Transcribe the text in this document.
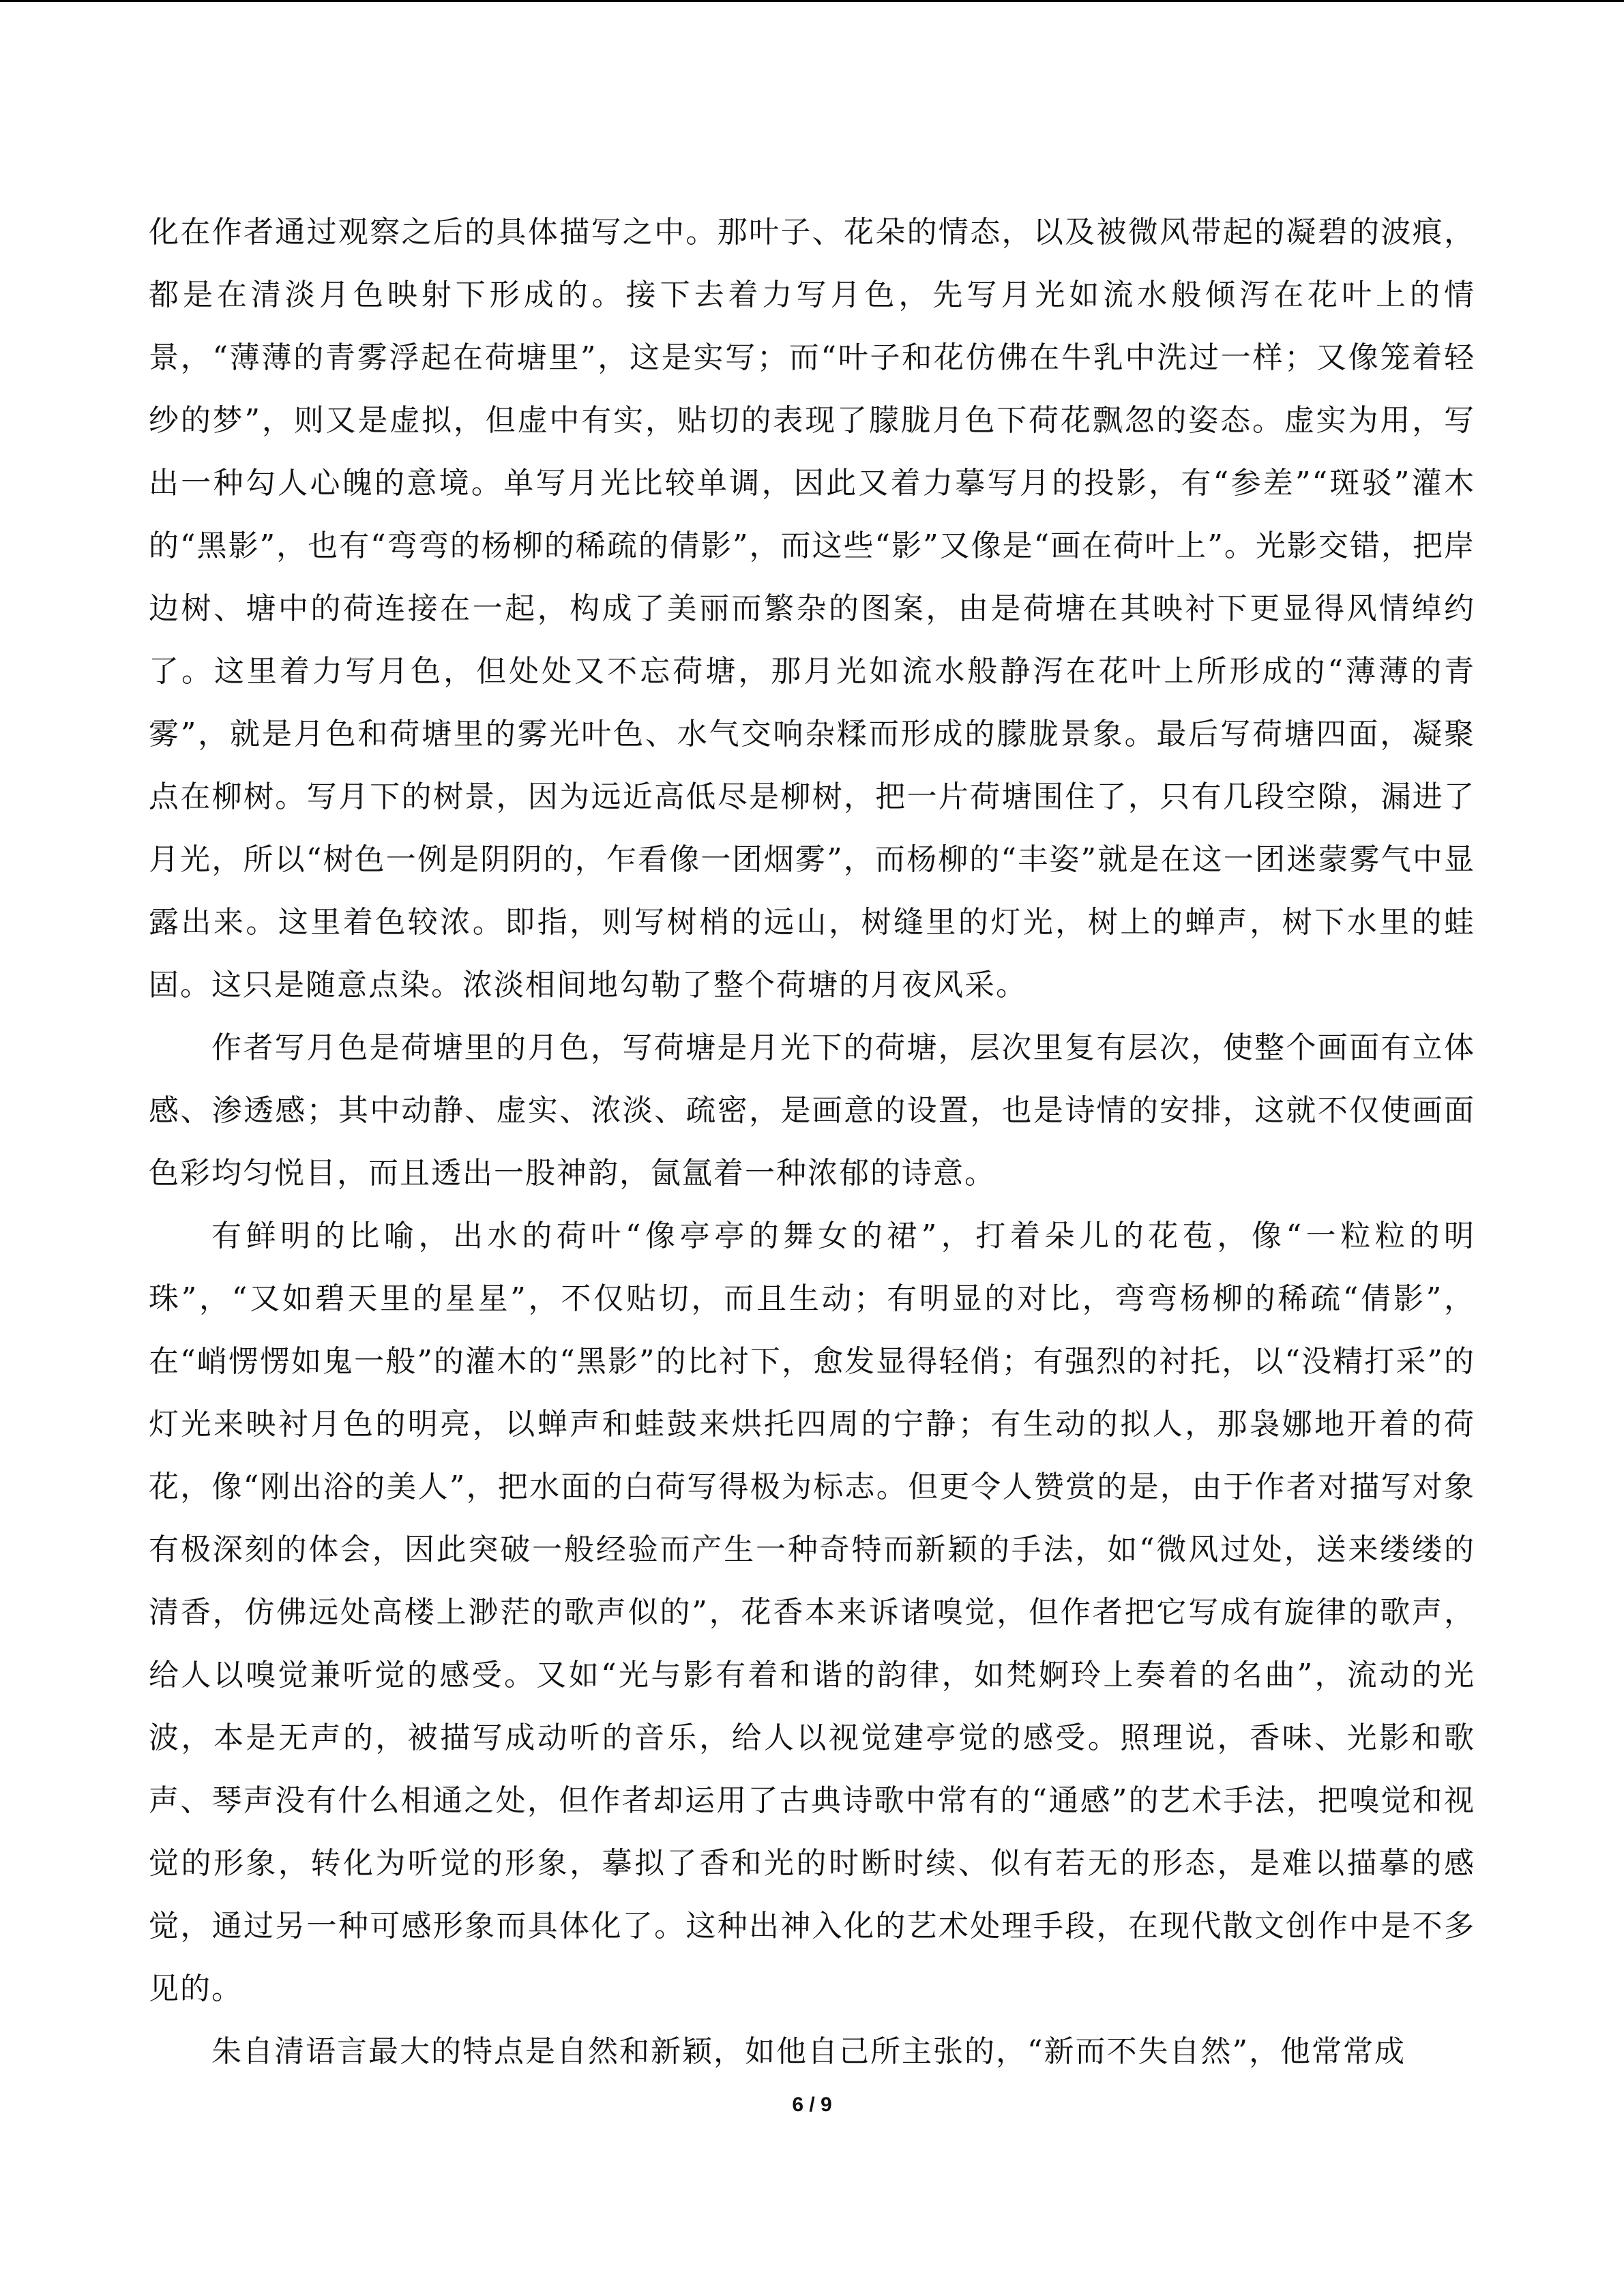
化在作者通过观察之后的具体描写之中。那叶子、花朵的情态，以及被微风带起的凝碧的波痕，都是在清淡月色映射下形成的。接下去着力写月色，先写月光如流水般倾泻在花叶上的情景，“薄薄的青雾浮起在荷塘里”，这是实写；而“叶子和花仿佛在牛乳中洗过一样；又像笼着轻纱的梦”，则又是虚拟，但虚中有实，贴切的表现了朦胧月色下荷花飘忽的姿态。虚实为用，写出一种勾人心魄的意境。单写月光比较单调，因此又着力摹写月的投影，有“参差”“斑驳”灌木的“黑影”，也有“弯弯的杨柳的稀疏的倩影”，而这些“影”又像是“画在荷叶上”。光影交错，把岸边树、塘中的荷连接在一起，构成了美丽而繁杂的图案，由是荷塘在其映衬下更显得风情绰约了。这里着力写月色，但处处又不忘荷塘，那月光如流水般静泻在花叶上所形成的“薄薄的青雾”，就是月色和荷塘里的雾光叶色、水气交响杂糅而形成的朦胧景象。最后写荷塘四面，凝聚点在柳树。写月下的树景，因为远近高低尽是柳树，把一片荷塘围住了，只有几段空隙，漏进了月光，所以“树色一例是阴阴的，乍看像一团烟雾”，而杨柳的“丰姿”就是在这一团迷蒙雾气中显露出来。这里着色较浓。即指，则写树梢的远山，树缝里的灯光，树上的蝉声，树下水里的蛙固。这只是随意点染。浓淡相间地勾勒了整个荷塘的月夜风采。

作者写月色是荷塘里的月色，写荷塘是月光下的荷塘，层次里复有层次，使整个画面有立体感、渗透感；其中动静、虚实、浓淡、疏密，是画意的设置，也是诗情的安排，这就不仅使画面色彩均匀悦目，而且透出一股神韵，氤氲着一种浓郁的诗意。

有鲜明的比喻，出水的荷叶“像亭亭的舞女的裙”，打着朵儿的花苞，像“一粒粒的明珠”，“又如碧天里的星星”，不仅贴切，而且生动；有明显的对比，弯弯杨柳的稀疏“倩影”，在“峭愣愣如鬼一般”的灌木的“黑影”的比衬下，愈发显得轻俏；有强烈的衬托，以“没精打采”的灯光来映衬月色的明亮，以蝉声和蛙鼓来烘托四周的宁静；有生动的拟人，那袅娜地开着的荷花，像“刚出浴的美人”，把水面的白荷写得极为标志。但更令人赞赏的是，由于作者对描写对象有极深刻的体会，因此突破一般经验而产生一种奇特而新颖的手法，如“微风过处，送来缕缕的清香，仿佛远处高楼上渺茫的歌声似的”，花香本来诉诸嗅觉，但作者把它写成有旋律的歌声，给人以嗅觉兼听觉的感受。又如“光与影有着和谐的韵律，如梵婀玲上奏着的名曲”，流动的光波，本是无声的，被描写成动听的音乐，给人以视觉建亭觉的感受。照理说，香味、光影和歌声、琴声没有什么相通之处，但作者却运用了古典诗歌中常有的“通感”的艺术手法，把嗅觉和视觉的形象，转化为听觉的形象，摹拟了香和光的时断时续、似有若无的形态，是难以描摹的感觉，通过另一种可感形象而具体化了。这种出神入化的艺术处理手段，在现代散文创作中是不多见的。

朱自清语言最大的特点是自然和新颖，如他自己所主张的，“新而不失自然”，他常常成

6 / 9
